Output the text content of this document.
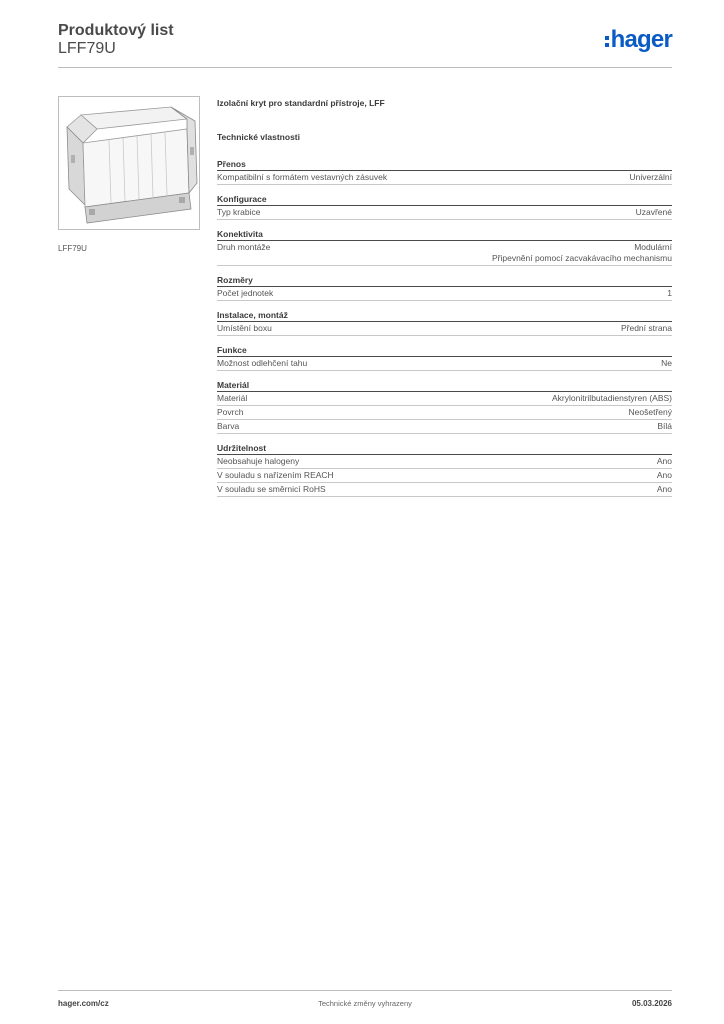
Produktový list
LFF79U	hager
LFF79U
Izolační kryt pro standardní přístroje, LFF
Technické vlastnosti
Přenos
Kompatibilní s formátem vestavných zásuvek	Univerzální
Konfigurace
Typ krabice	Uzavřené
Konektivita
Druh montáže	Modulární
Připevnění pomocí zacvakávacího mechanismu
Rozměry
Počet jednotek	1
Instalace, montáž
Umístění boxu	Přední strana
Funkce
Možnost odlehčení tahu	Ne
Materiál
Materiál	Akrylonitrilbutadienstyren (ABS)
Povrch	Neošetřený
Barva	Bílá
Udržitelnost
Neobsahuje halogeny	Ano
V souladu s nařízením REACH	Ano
V souladu se směrnicí RoHS	Ano
hager.com/cz	Technické změny vyhrazeny	05.03.2026
